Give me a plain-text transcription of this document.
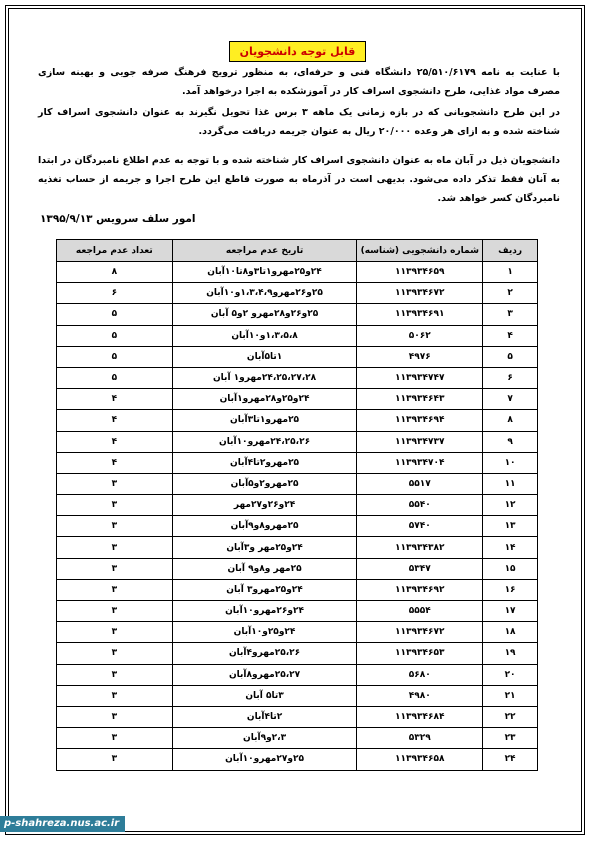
قابل توجه دانشجویان
با عنایت به نامه ۲۵/۵۱۰/۶۱۷۹ دانشگاه فنی و حرفه‌ای، به منظور ترویج فرهنگ صرفه جویی و بهینه سازی مصرف مواد غذایی، طرح دانشجوی اسراف کار در آموزشکده به اجرا درخواهد آمد.
در این طرح دانشجویانی که در بازه زمانی یک ماهه ۳ برس غذا تحویل نگیرند به عنوان دانشجوی اسراف کار شناخته شده و به ازای هر وعده ۲۰/۰۰۰ ریال به عنوان جریمه دریافت می‌گردد.
دانشجویان ذیل در آبان ماه به عنوان دانشجوی اسراف کار شناخته شده و با توجه به عدم اطلاع نامبردگان در ابتدا به آنان فقط تذکر داده می‌شود. بدیهی است در آذرماه به صورت قاطع این طرح اجرا و جریمه از حساب تغذیه نامبردگان کسر خواهد شد.
امور سلف سرویس ۱۳۹۵/۹/۱۳
ردیف	شماره دانشجویی (شناسه)	تاریخ عدم مراجعه	تعداد عدم مراجعه
۱	۱۱۳۹۳۴۶۵۹	۲۴و۲۵مهرو۱تا۳و۸تا۱۰آبان	۸
۲	۱۱۳۹۳۴۶۷۲	۲۵و۲۶مهرو۱،۳،۴،۹و۱۰آبان	۶
۳	۱۱۳۹۳۴۶۹۱	۲۵و۲۶و۲۸مهرو ۲و۵ آبان	۵
۴	۵۰۶۲	۱،۳،۵،۸و۱۰آبان	۵
۵	۴۹۷۶	۱تا۵آبان	۵
۶	۱۱۳۹۳۴۷۴۷	۲۴،۲۵،۲۷،۲۸مهرو۱ آبان	۵
۷	۱۱۳۹۳۴۶۴۳	۲۴و۲۵و۲۸مهرو۱آبان	۴
۸	۱۱۳۹۳۴۶۹۴	۲۵مهرو۱تا۳آبان	۴
۹	۱۱۳۹۳۴۷۳۷	۲۴،۲۵،۲۶مهرو۱۰آبان	۴
۱۰	۱۱۳۹۳۴۷۰۴	۲۵مهرو۲تا۴آبان	۴
۱۱	۵۵۱۷	۲۵مهرو۲و۵آبان	۳
۱۲	۵۵۴۰	۲۴و۲۶و۲۷مهر	۳
۱۳	۵۷۴۰	۲۵مهرو۸و۹آبان	۳
۱۴	۱۱۳۹۳۴۳۸۲	۲۴و۲۵مهر و۳آبان	۳
۱۵	۵۳۴۷	۲۵مهر و۸و۹ آبان	۳
۱۶	۱۱۳۹۳۴۶۹۲	۲۴و۲۵مهرو۳ آبان	۳
۱۷	۵۵۵۴	۲۴و۲۶مهرو۱۰آبان	۳
۱۸	۱۱۳۹۳۴۶۷۲	۲۴و۲۵و۱۰آبان	۳
۱۹	۱۱۳۹۳۴۶۵۳	۲۵،۲۶مهرو۴آبان	۳
۲۰	۵۶۸۰	۲۵،۲۷مهرو۸آبان	۳
۲۱	۴۹۸۰	۳تا۵ آبان	۳
۲۲	۱۱۳۹۳۴۶۸۴	۲تا۴آبان	۳
۲۳	۵۳۲۹	۲،۳و۹آبان	۳
۲۴	۱۱۳۹۳۴۶۵۸	۲۵و۲۷مهرو۱۰آبان	۳
p-shahreza.nus.ac.ir
